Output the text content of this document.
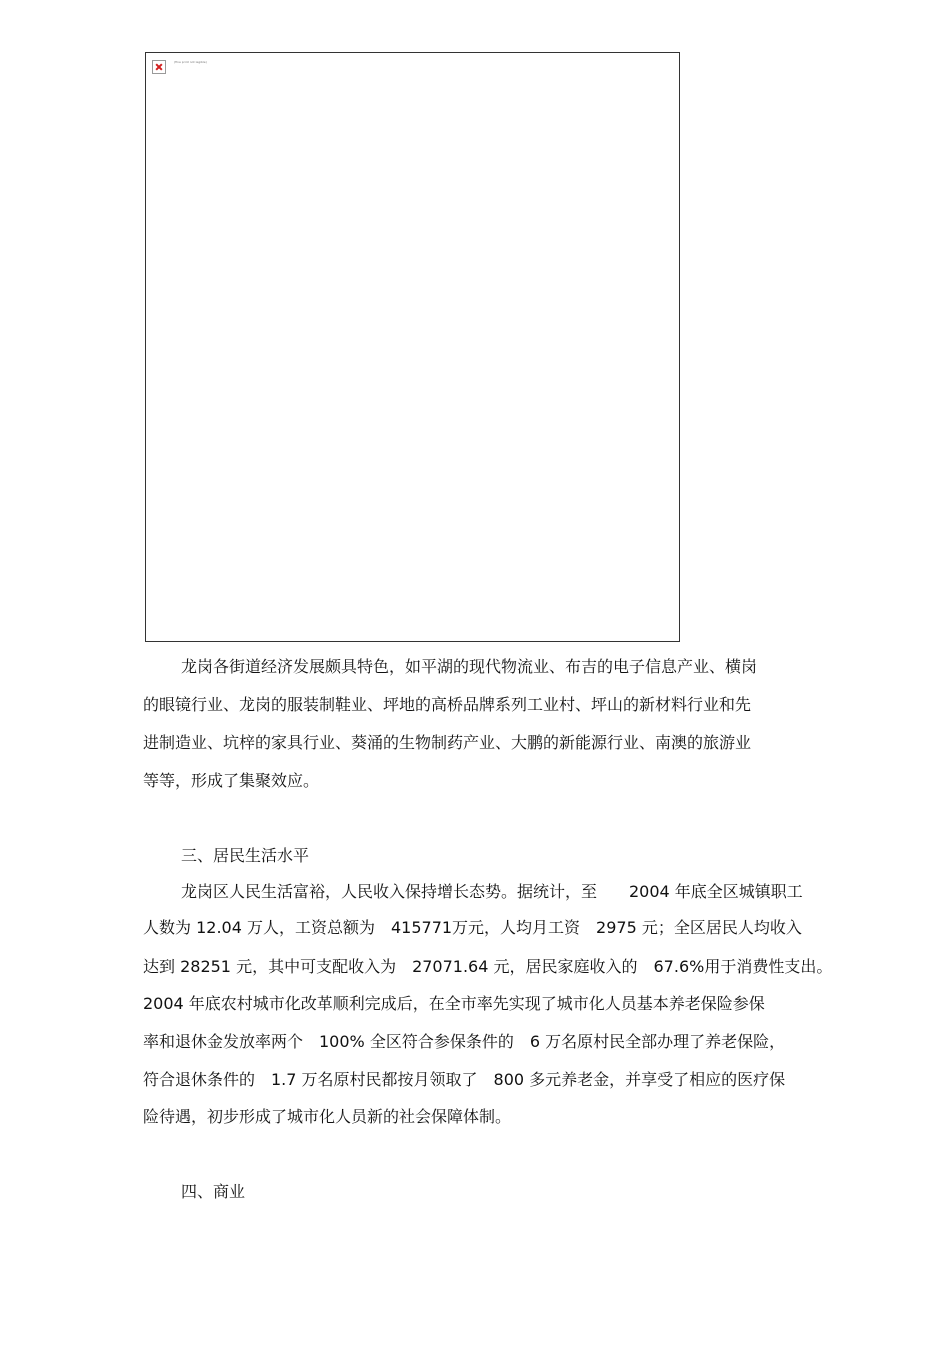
(fine print not legible)
龙岗各街道经济发展颇具特色，如平湖的现代物流业、布吉的电子信息产业、横岗
的眼镜行业、龙岗的服装制鞋业、坪地的高桥品牌系列工业村、坪山的新材料行业和先
进制造业、坑梓的家具行业、葵涌的生物制药产业、大鹏的新能源行业、南澳的旅游业
等等，形成了集聚效应。
三、居民生活水平
龙岗区人民生活富裕，人民收入保持增长态势。据统计，至　　2004 年底全区城镇职工
人数为 12.04 万人，工资总额为　415771万元，人均月工资　2975 元；全区居民人均收入
达到 28251 元，其中可支配收入为　27071.64 元，居民家庭收入的　67.6%用于消费性支出。
2004 年底农村城市化改革顺利完成后，在全市率先实现了城市化人员基本养老保险参保
率和退休金发放率两个　100% 全区符合参保条件的　6 万名原村民全部办理了养老保险，
符合退休条件的　1.7 万名原村民都按月领取了　800 多元养老金，并享受了相应的医疗保
险待遇，初步形成了城市化人员新的社会保障体制。
四、商业
